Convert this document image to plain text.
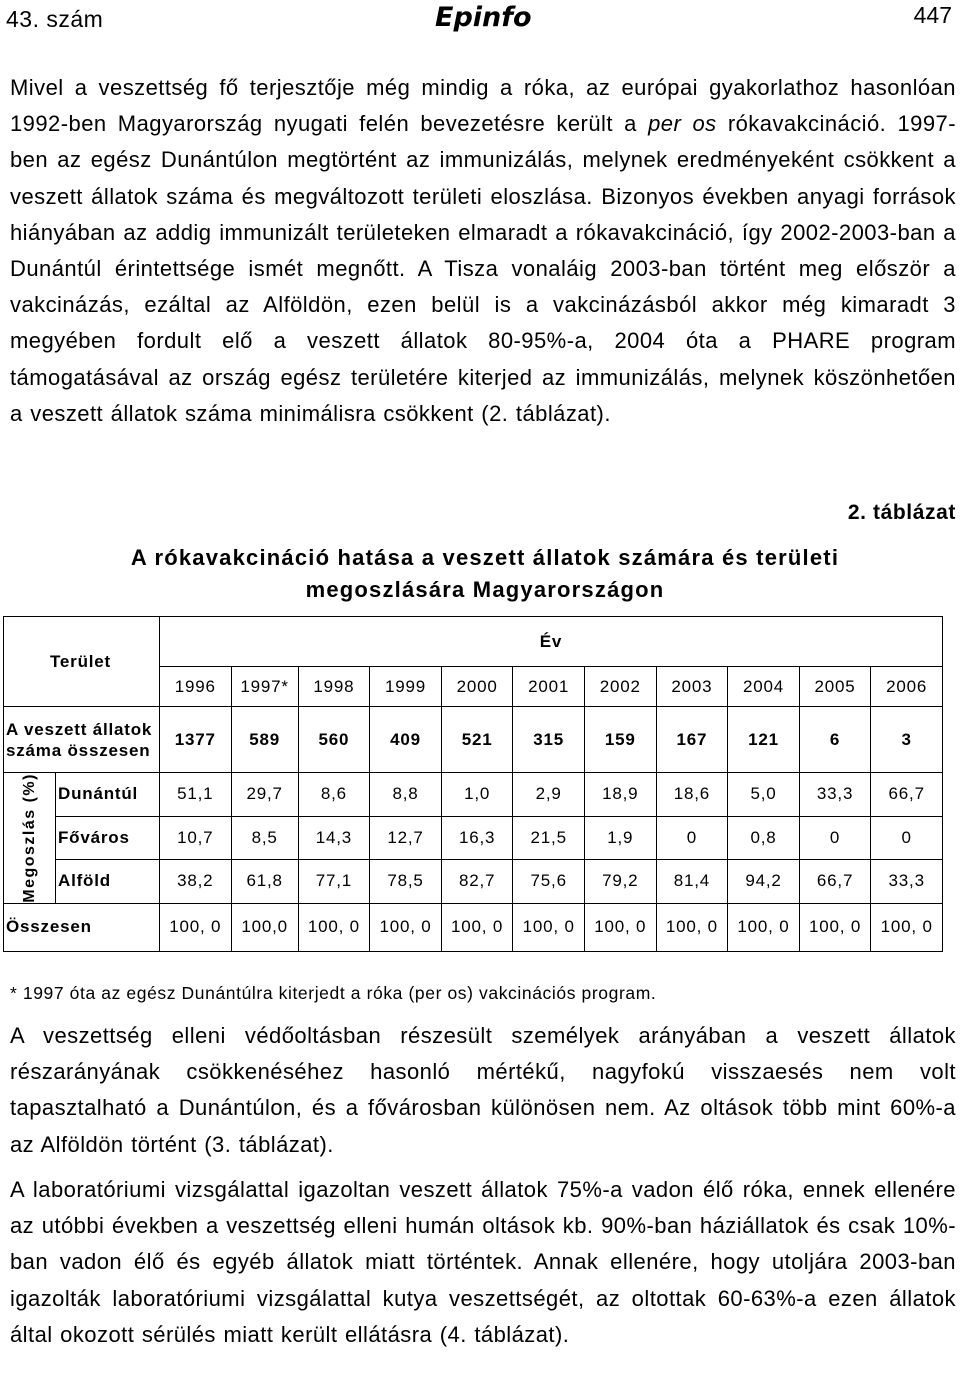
43. szám	Epinfo	447

Mivel a veszettség fő terjesztője még mindig a róka, az európai gyakorlathoz hasonlóan 1992-ben Magyarország nyugati felén bevezetésre került a per os rókavakcináció. 1997-ben az egész Dunántúlon megtörtént az immunizálás, melynek eredményeként csökkent a veszett állatok száma és megváltozott területi eloszlása. Bizonyos években anyagi források hiányában az addig immunizált területeken elmaradt a rókavakcináció, így 2002-2003-ban a Dunántúl érintettsége ismét megnőtt. A Tisza vonaláig 2003-ban történt meg először a vakcinázás, ezáltal az Alföldön, ezen belül is a vakcinázásból akkor még kimaradt 3 megyében fordult elő a veszett állatok 80-95%-a, 2004 óta a PHARE program támogatásával az ország egész területére kiterjed az immunizálás, melynek köszönhetően a veszett állatok száma minimálisra csökkent (2. táblázat).

2. táblázat
A rókavakcináció hatása a veszett állatok számára és területi
megoszlására Magyarországon
Terület		Év										
		1996	1997*	1998	1999	2000	2001	2002	2003	2004	2005	2006
A veszett állatok száma összesen		1377	589	560	409	521	315	159	167	121	6	3

Megoszlás (%)	Dunántúl	51,1	29,7	8,6	8,8	1,0	2,9	18,9	18,6	5,0	33,3	66,7
	Főváros	10,7	8,5	14,3	12,7	16,3	21,5	1,9	0	0,8	0	0
	Alföld	38,2	61,8	77,1	78,5	82,7	75,6	79,2	81,4	94,2	66,7	33,3
Összesen		100, 0	100,0	100, 0	100, 0	100, 0	100, 0	100, 0	100, 0	100, 0	100, 0	100, 0
* 1997 óta az egész Dunántúlra kiterjedt a róka (per os) vakcinációs program.

A veszettség elleni védőoltásban részesült személyek arányában a veszett állatok részarányának csökkenéséhez hasonló mértékű, nagyfokú visszaesés nem volt tapasztalható a Dunántúlon, és a fővárosban különösen nem. Az oltások több mint 60%-a az Alföldön történt (3. táblázat).

A laboratóriumi vizsgálattal igazoltan veszett állatok 75%-a vadon élő róka, ennek ellenére az utóbbi években a veszettség elleni humán oltások kb. 90%-ban háziállatok és csak 10%-ban vadon élő és egyéb állatok miatt történtek. Annak ellenére, hogy utoljára 2003-ban igazolták laboratóriumi vizsgálattal kutya veszettségét, az oltottak 60-63%-a ezen állatok által okozott sérülés miatt került ellátásra (4. táblázat).
